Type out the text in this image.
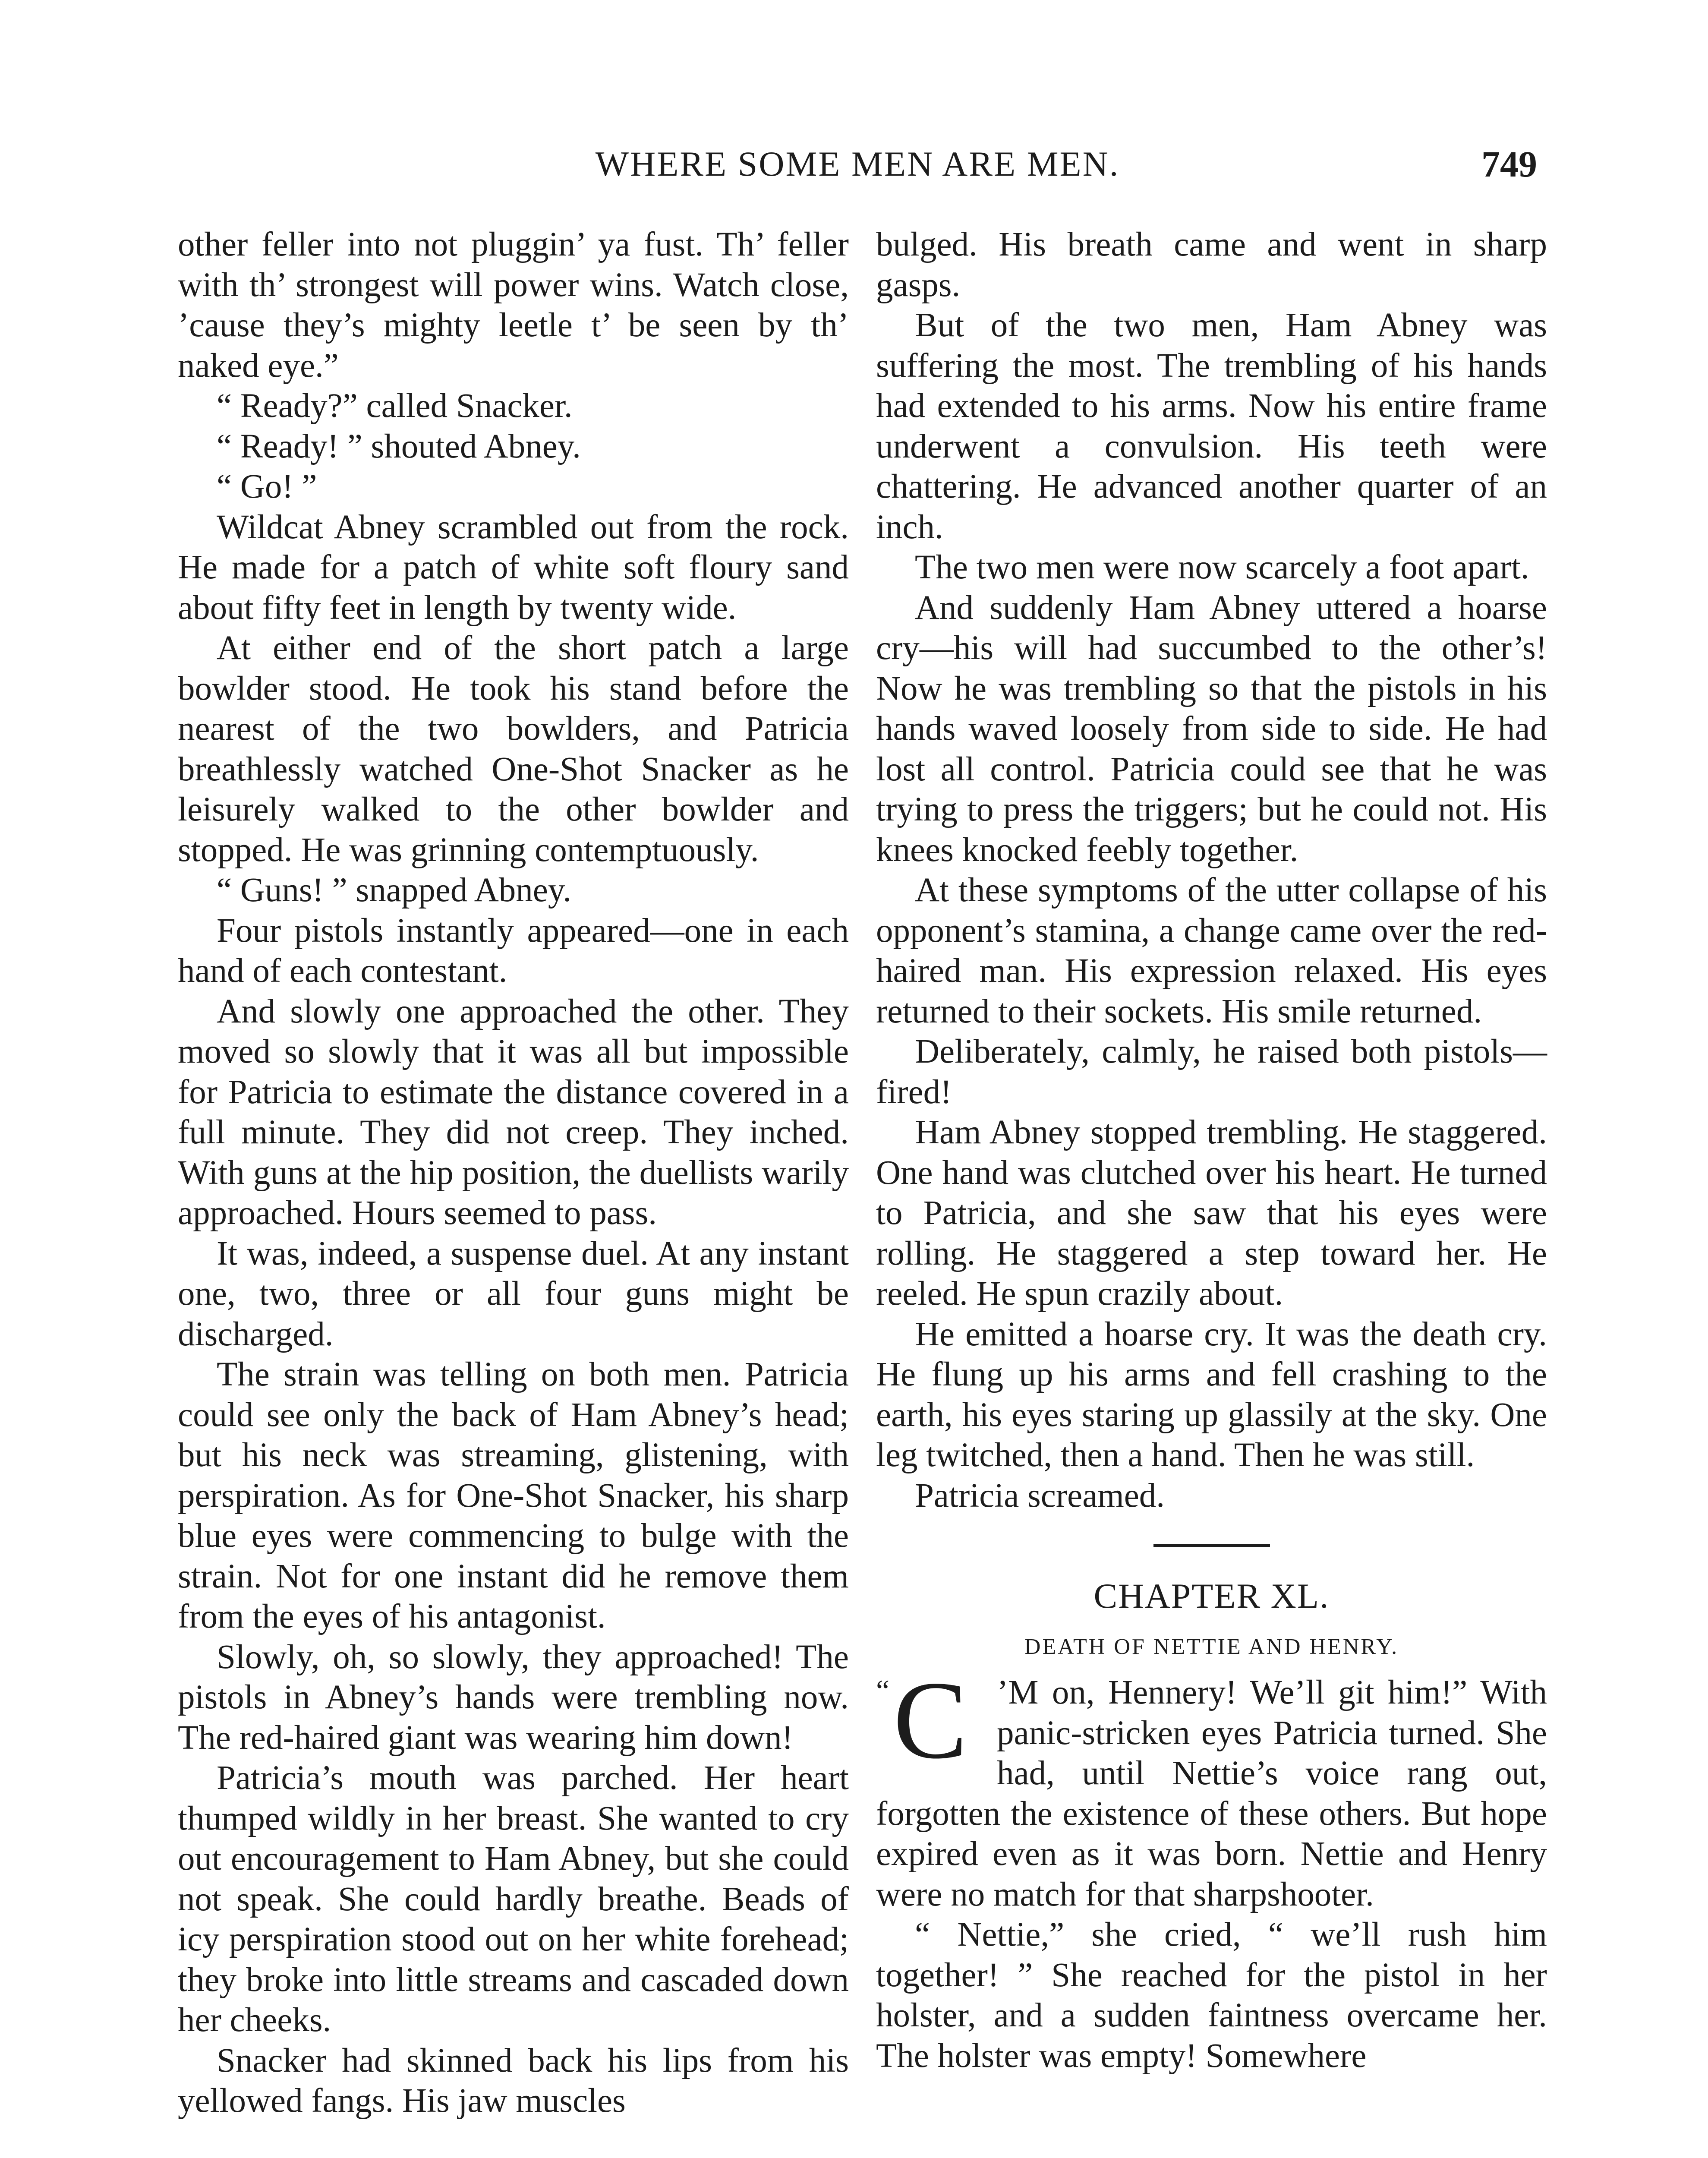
WHERE SOME MEN ARE MEN.	749

other feller into not pluggin’ ya fust. Th’ feller with th’ strongest will power wins. Watch close, ’cause they’s mighty leetle t’ be seen by th’ naked eye.”

“ Ready?” called Snacker.

“ Ready! ” shouted Abney.

“ Go! ”

Wildcat Abney scrambled out from the rock. He made for a patch of white soft floury sand about fifty feet in length by twenty wide.

At either end of the short patch a large bowlder stood. He took his stand before the nearest of the two bowlders, and Patricia breathlessly watched One-Shot Snacker as he leisurely walked to the other bowlder and stopped. He was grinning contemptuously.

“ Guns! ” snapped Abney.

Four pistols instantly appeared—one in each hand of each contestant.

And slowly one approached the other. They moved so slowly that it was all but impossible for Patricia to estimate the distance covered in a full minute. They did not creep. They inched. With guns at the hip position, the duellists warily approached. Hours seemed to pass.

It was, indeed, a suspense duel. At any instant one, two, three or all four guns might be discharged.

The strain was telling on both men. Patricia could see only the back of Ham Abney’s head; but his neck was streaming, glistening, with perspiration. As for One-Shot Snacker, his sharp blue eyes were commencing to bulge with the strain. Not for one instant did he remove them from the eyes of his antagonist.

Slowly, oh, so slowly, they approached! The pistols in Abney’s hands were trembling now. The red-haired giant was wearing him down!

Patricia’s mouth was parched. Her heart thumped wildly in her breast. She wanted to cry out encouragement to Ham Abney, but she could not speak. She could hardly breathe. Beads of icy perspiration stood out on her white forehead; they broke into little streams and cascaded down her cheeks.

Snacker had skinned back his lips from his yellowed fangs. His jaw muscles

bulged. His breath came and went in sharp gasps.

But of the two men, Ham Abney was suffering the most. The trembling of his hands had extended to his arms. Now his entire frame underwent a convulsion. His teeth were chattering. He advanced another quarter of an inch.

The two men were now scarcely a foot apart.

And suddenly Ham Abney uttered a hoarse cry—his will had succumbed to the other’s! Now he was trembling so that the pistols in his hands waved loosely from side to side. He had lost all control. Patricia could see that he was trying to press the triggers; but he could not. His knees knocked feebly together.

At these symptoms of the utter collapse of his opponent’s stamina, a change came over the red-haired man. His expression relaxed. His eyes returned to their sockets. His smile returned.

Deliberately, calmly, he raised both pistols—fired!

Ham Abney stopped trembling. He staggered. One hand was clutched over his heart. He turned to Patricia, and she saw that his eyes were rolling. He staggered a step toward her. He reeled. He spun crazily about.

He emitted a hoarse cry. It was the death cry. He flung up his arms and fell crashing to the earth, his eyes staring up glassily at the sky. One leg twitched, then a hand. Then he was still.

Patricia screamed.

CHAPTER XL.
DEATH OF NETTIE AND HENRY.

“ C ’M on, Hennery! We’ll git him!” With panic-stricken eyes Patricia turned. She had, until Nettie’s voice rang out, forgotten the existence of these others. But hope expired even as it was born. Nettie and Henry were no match for that sharpshooter.

“ Nettie,” she cried, “ we’ll rush him together! ” She reached for the pistol in her holster, and a sudden faintness overcame her. The holster was empty! Somewhere
